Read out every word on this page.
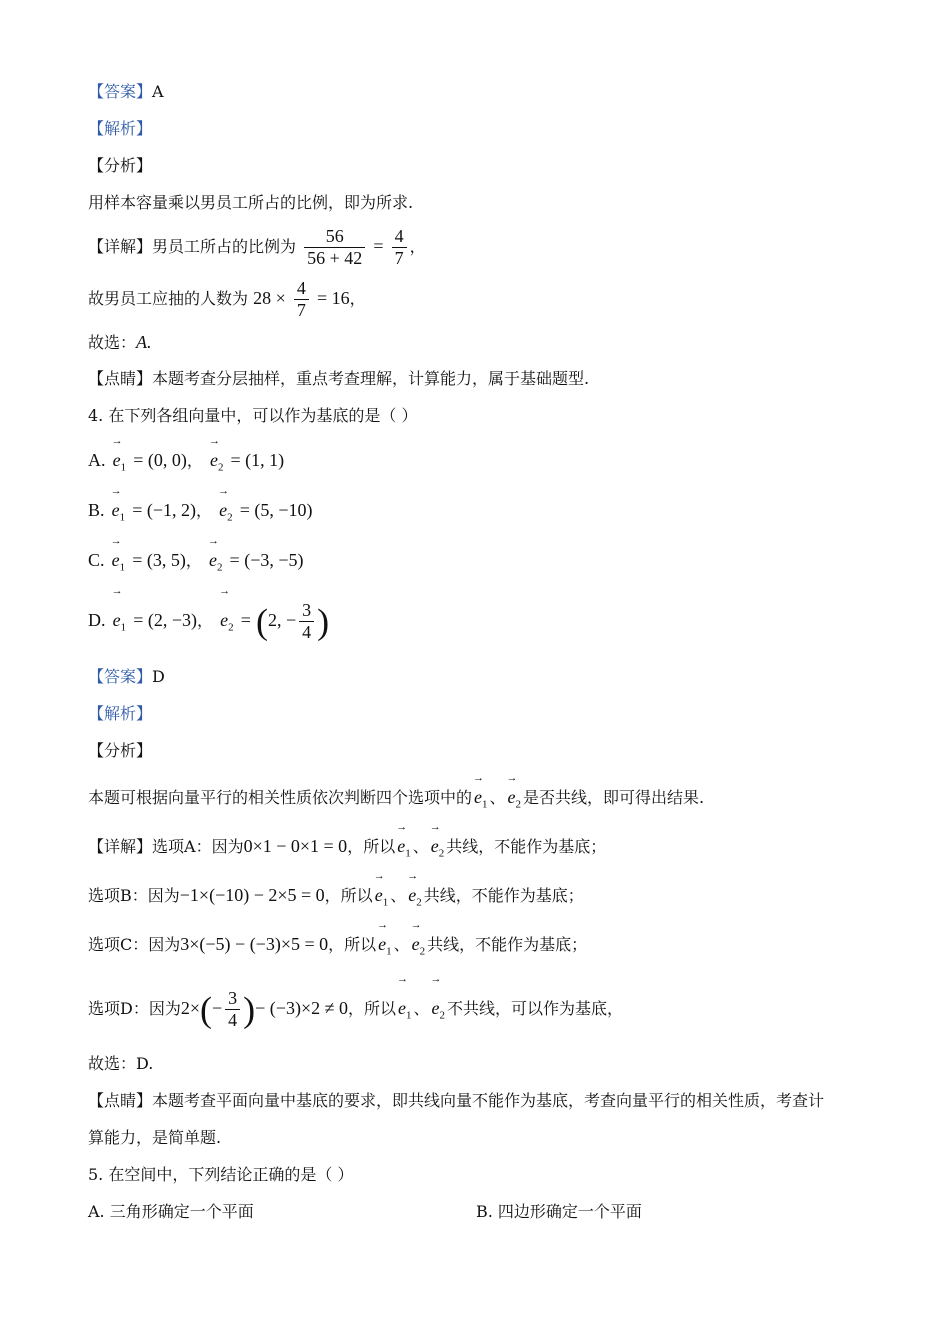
【答案】A
【解析】
【分析】
用样本容量乘以男员工所占的比例，即为所求.
【详解】男员工所占的比例为 $\frac{56}{56 + 42} = \frac{4}{7}$ ，
故男员工应抽的人数为 $28 \times \frac{4}{7} = 16$，
故选：A.
【点睛】本题考查分层抽样，重点考查理解，计算能力，属于基础题型.
4. 在下列各组向量中，可以作为基底的是（ ）
A.
→
$e_1 = (0$, 0)，
→
$e_2 = (1$, 1)
B.
→
$e_1 = (-1$, 2)，
→
$e_2 = (5$, −10)
C.
→
$e_1 = (3$, 5)，
→
$e_2 = (-3$, −5)
D.
→
$e_1 = (2$, −3)，
→
$e_2 = (2$, − $\frac{3}{4}$ )
【答案】D
【解析】
【分析】
本题可根据向量平行的相关性质依次判断四个选项中的
→
$e_1$ 、
→
$e_2$ 是否共线，即可得出结果.
【详解】选项A：因为0×1 − 0×1 = 0，所以
→
$e_1$ 、
→
$e_2$ 共线，不能作为基底；
选项B：因为−1×(−10) − 2×5 = 0，所以
→
$e_1$ 、
→
$e_2$ 共线，不能作为基底；
选项C：因为3×(−5) − (−3)×5 = 0，所以
→
$e_1$ 、
→
$e_2$ 共线，不能作为基底；
选项D：因为$2\times(- \frac{3}{4}$ )− (−3)×2 ≠ 0，所以
→
$e_1$ 、
→
$e_2$ 不共线，可以作为基底，
故选：D.
【点睛】本题考查平面向量中基底的要求，即共线向量不能作为基底，考查向量平行的相关性质，考查计
算能力，是简单题.
5. 在空间中，下列结论正确的是（ ）
A. 三角形确定一个平面	B. 四边形确定一个平面
